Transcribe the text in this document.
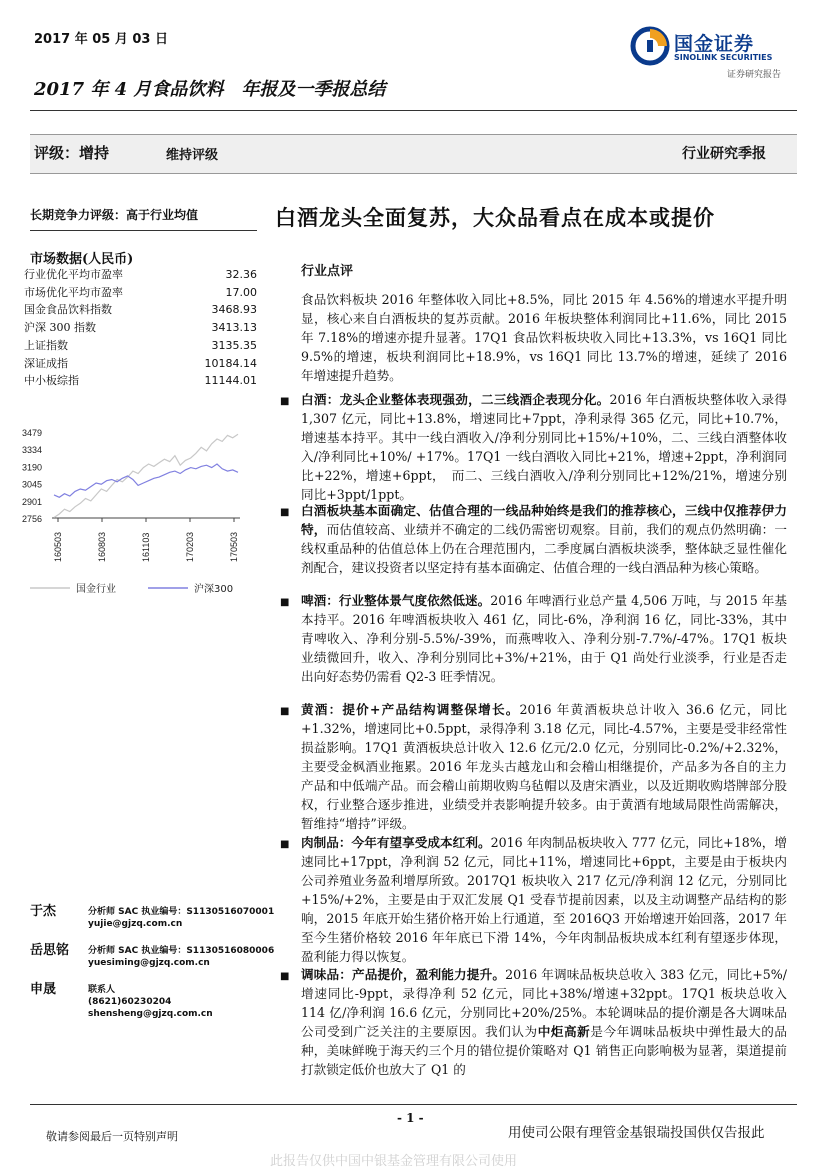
2017 年 05 月 03 日	国金证券
SINOLINK SECURITIES
证券研究报告
2017 年 4 月食品饮料　年报及一季报总结
评级：增持	维持评级	行业研究季报
长期竞争力评级：高于行业均值	白酒龙头全面复苏，大众品看点在成本或提价
市场数据(人民币)
行业优化平均市盈率	32.36
市场优化平均市盈率	17.00
国金食品饮料指数	3468.93
沪深 300 指数	3413.13
上证指数	3135.35
深证成指	10184.14
中小板综指	11144.01
3479
3334
3190
3045
2901
2756
160503	160803	161103	170203	170503
国金行业	沪深300
行业点评
食品饮料板块 2016 年整体收入同比+8.5%，同比 2015 年 4.56%的增速水平提升明显，核心来自白酒板块的复苏贡献。2016 年板块整体利润同比+11.6%，同比 2015 年 7.18%的增速亦提升显著。17Q1 食品饮料板块收入同比+13.3%，vs 16Q1 同比 9.5%的增速，板块利润同比+18.9%，vs 16Q1 同比 13.7%的增速，延续了 2016 年增速提升趋势。
■ 白酒：龙头企业整体表现强劲，二三线酒企表现分化。2016 年白酒板块整体收入录得 1,307 亿元，同比+13.8%，增速同比+7ppt，净利录得 365 亿元，同比+10.7%，增速基本持平。其中一线白酒收入/净利分别同比+15%/+10%，二、三线白酒整体收入/净利同比+10%/ +17%。17Q1 一线白酒收入同比+21%，增速+2ppt，净利润同比+22%，增速+6ppt，　而二、三线白酒收入/净利分别同比+12%/21%，增速分别同比+3ppt/1ppt。
■ 白酒板块基本面确定、估值合理的一线品种始终是我们的推荐核心，三线中仅推荐伊力特，而估值较高、业绩并不确定的二线仍需密切观察。目前，我们的观点仍然明确：一线权重品种的估值总体上仍在合理范围内，二季度属白酒板块淡季，整体缺乏显性催化剂配合，建议投资者以坚定持有基本面确定、估值合理的一线白酒品种为核心策略。
■ 啤酒：行业整体景气度依然低迷。2016 年啤酒行业总产量 4,506 万吨，与 2015 年基本持平。2016 年啤酒板块收入 461 亿，同比-6%，净利润 16 亿，同比-33%，其中青啤收入、净利分别-5.5%/-39%，而燕啤收入、净利分别-7.7%/-47%。17Q1 板块业绩微回升，收入、净利分别同比+3%/+21%，由于 Q1 尚处行业淡季，行业是否走出向好态势仍需看 Q2-3 旺季情况。
■ 黄酒：提价+产品结构调整保增长。2016 年黄酒板块总计收入 36.6 亿元，同比+1.32%，增速同比+0.5ppt，录得净利 3.18 亿元，同比-4.57%，主要是受非经常性损益影响。17Q1 黄酒板块总计收入 12.6 亿元/2.0 亿元，分别同比-0.2%/+2.32%，主要受金枫酒业拖累。2016 年龙头古越龙山和会稽山相继提价，产品多为各自的主力产品和中低端产品。而会稽山前期收购乌毡帽以及唐宋酒业，以及近期收购塔牌部分股权，行业整合逐步推进，业绩受并表影响提升较多。由于黄酒有地域局限性尚需解决，暂维持“增持”评级。
■ 肉制品：今年有望享受成本红利。2016 年肉制品板块收入 777 亿元，同比+18%，增速同比+17ppt，净利润 52 亿元，同比+11%，增速同比+6ppt，主要是由于板块内公司养殖业务盈利增厚所致。2017Q1 板块收入 217 亿元/净利润 12 亿元，分别同比+15%/+2%，主要是由于双汇发展 Q1 受春节提前因素，以及主动调整产品结构的影响，2015 年底开始生猪价格开始上行通道，至 2016Q3 开始增速开始回落，2017 年至今生猪价格较 2016 年年底已下滑 14%，今年肉制品板块成本红利有望逐步体现，盈利能力得以恢复。
■ 调味品：产品提价，盈利能力提升。2016 年调味品板块总收入 383 亿元，同比+5%/增速同比-9ppt，录得净利 52 亿元，同比+38%/增速+32ppt。17Q1 板块总收入 114 亿/净利润 16.6 亿元，分别同比+20%/25%。本轮调味品的提价潮是各大调味品公司受到广泛关注的主要原因。我们认为中炬高新是今年调味品板块中弹性最大的品种，美味鲜晚于海天约三个月的错位提价策略对 Q1 销售正向影响极为显著，渠道提前打款锁定低价也放大了 Q1 的
于杰	分析师 SAC 执业编号：S1130516070001
yujie@gjzq.com.cn
岳思铭 分析师 SAC 执业编号：S1130516080006
yuesiming@gjzq.com.cn
申晟	联系人
(8621)60230204
shensheng@gjzq.com.cn
- 1 -
敬请参阅最后一页特别声明	用使司公限有理管金基银瑞投国供仅告报此
此报告仅供中国中银基金管理有限公司使用
